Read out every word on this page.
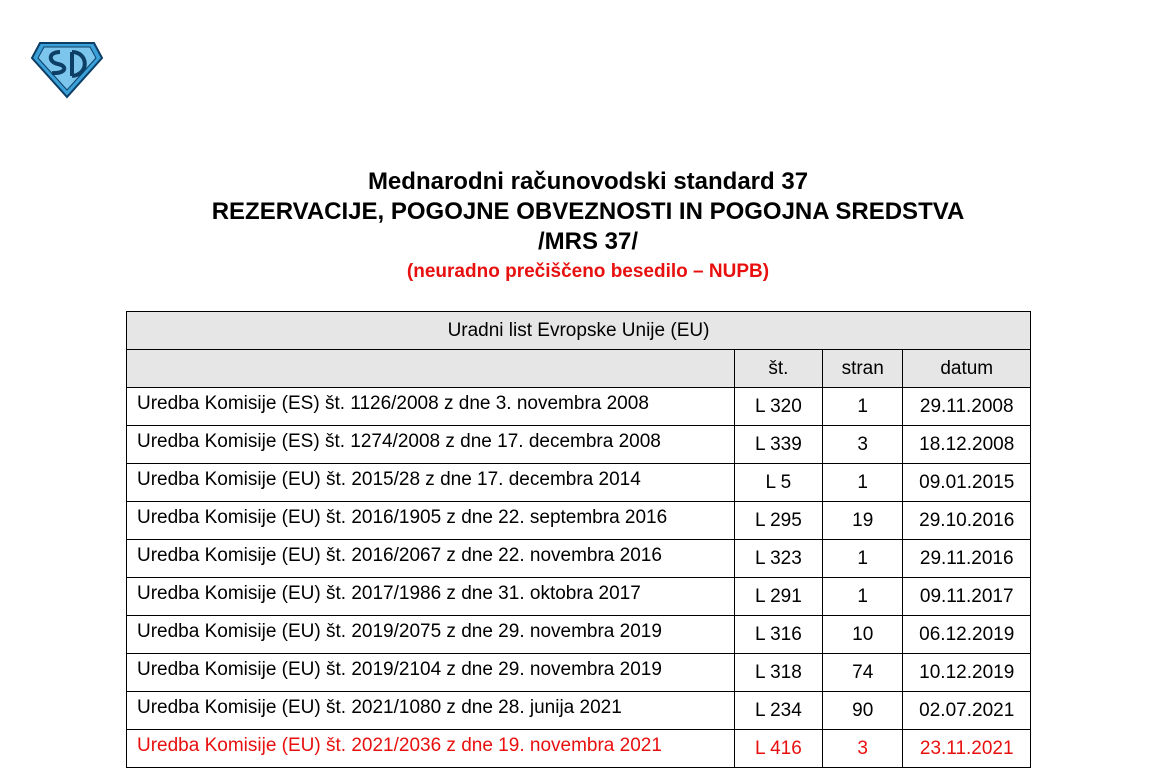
Mednarodni računovodski standard 37
REZERVACIJE, POGOJNE OBVEZNOSTI IN POGOJNA SREDSTVA
/MRS 37/
(neuradno prečiščeno besedilo – NUPB)
Uradni list Evropske Unije (EU)			
	št.	stran	datum
Uredba Komisije (ES) št. 1126/2008 z dne 3. novembra 2008	L 320	1	29.11.2008
Uredba Komisije (ES) št. 1274/2008 z dne 17. decembra 2008	L 339	3	18.12.2008
Uredba Komisije (EU) št. 2015/28 z dne 17. decembra 2014	L 5	1	09.01.2015
Uredba Komisije (EU) št. 2016/1905 z dne 22. septembra 2016	L 295	19	29.10.2016
Uredba Komisije (EU) št. 2016/2067 z dne 22. novembra 2016	L 323	1	29.11.2016
Uredba Komisije (EU) št. 2017/1986 z dne 31. oktobra 2017	L 291	1	09.11.2017
Uredba Komisije (EU) št. 2019/2075 z dne 29. novembra 2019	L 316	10	06.12.2019
Uredba Komisije (EU) št. 2019/2104 z dne 29. novembra 2019	L 318	74	10.12.2019
Uredba Komisije (EU) št. 2021/1080 z dne 28. junija 2021	L 234	90	02.07.2021
Uredba Komisije (EU) št. 2021/2036 z dne 19. novembra 2021	L 416	3	23.11.2021
